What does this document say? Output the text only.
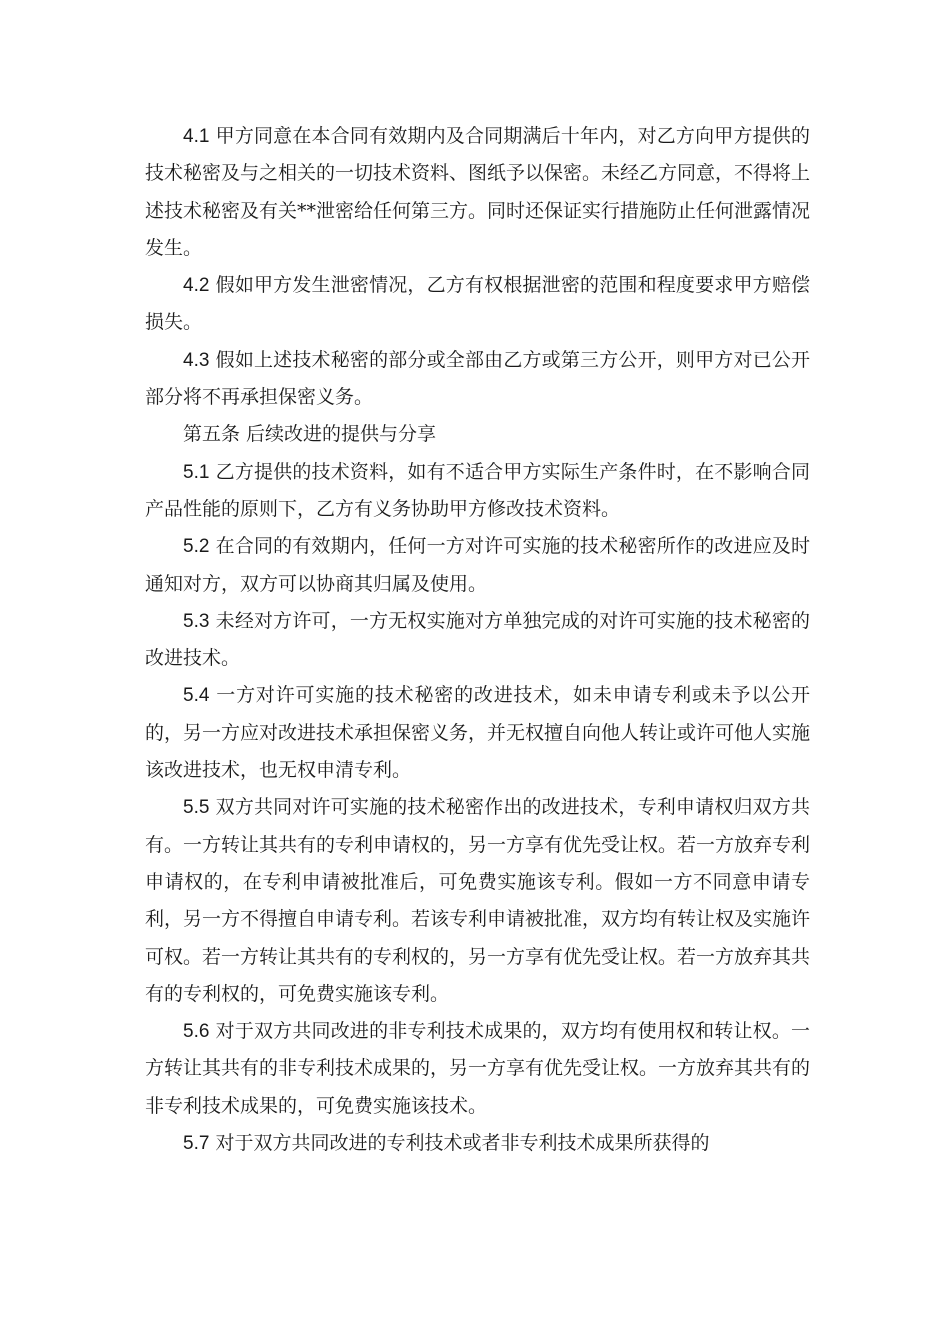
4.1 甲方同意在本合同有效期内及合同期满后十年内，对乙方向甲方提供的技术秘密及与之相关的一切技术资料、图纸予以保密。未经乙方同意，不得将上述技术秘密及有关**泄密给任何第三方。同时还保证实行措施防止任何泄露情况发生。

4.2 假如甲方发生泄密情况，乙方有权根据泄密的范围和程度要求甲方赔偿损失。

4.3 假如上述技术秘密的部分或全部由乙方或第三方公开，则甲方对已公开部分将不再承担保密义务。

第五条 后续改进的提供与分享

5.1 乙方提供的技术资料，如有不适合甲方实际生产条件时，在不影响合同产品性能的原则下，乙方有义务协助甲方修改技术资料。

5.2 在合同的有效期内，任何一方对许可实施的技术秘密所作的改进应及时通知对方，双方可以协商其归属及使用。

5.3 未经对方许可，一方无权实施对方单独完成的对许可实施的技术秘密的改进技术。

5.4 一方对许可实施的技术秘密的改进技术，如未申请专利或未予以公开的，另一方应对改进技术承担保密义务，并无权擅自向他人转让或许可他人实施该改进技术，也无权申清专利。

5.5 双方共同对许可实施的技术秘密作出的改进技术，专利申请权归双方共有。一方转让其共有的专利申请权的，另一方享有优先受让权。若一方放弃专利申请权的，在专利申请被批准后，可免费实施该专利。假如一方不同意申请专利，另一方不得擅自申请专利。若该专利申请被批准，双方均有转让权及实施许可权。若一方转让其共有的专利权的，另一方享有优先受让权。若一方放弃其共有的专利权的，可免费实施该专利。

5.6 对于双方共同改进的非专利技术成果的，双方均有使用权和转让权。一方转让其共有的非专利技术成果的，另一方享有优先受让权。一方放弃其共有的非专利技术成果的，可免费实施该技术。

5.7 对于双方共同改进的专利技术或者非专利技术成果所获得的
